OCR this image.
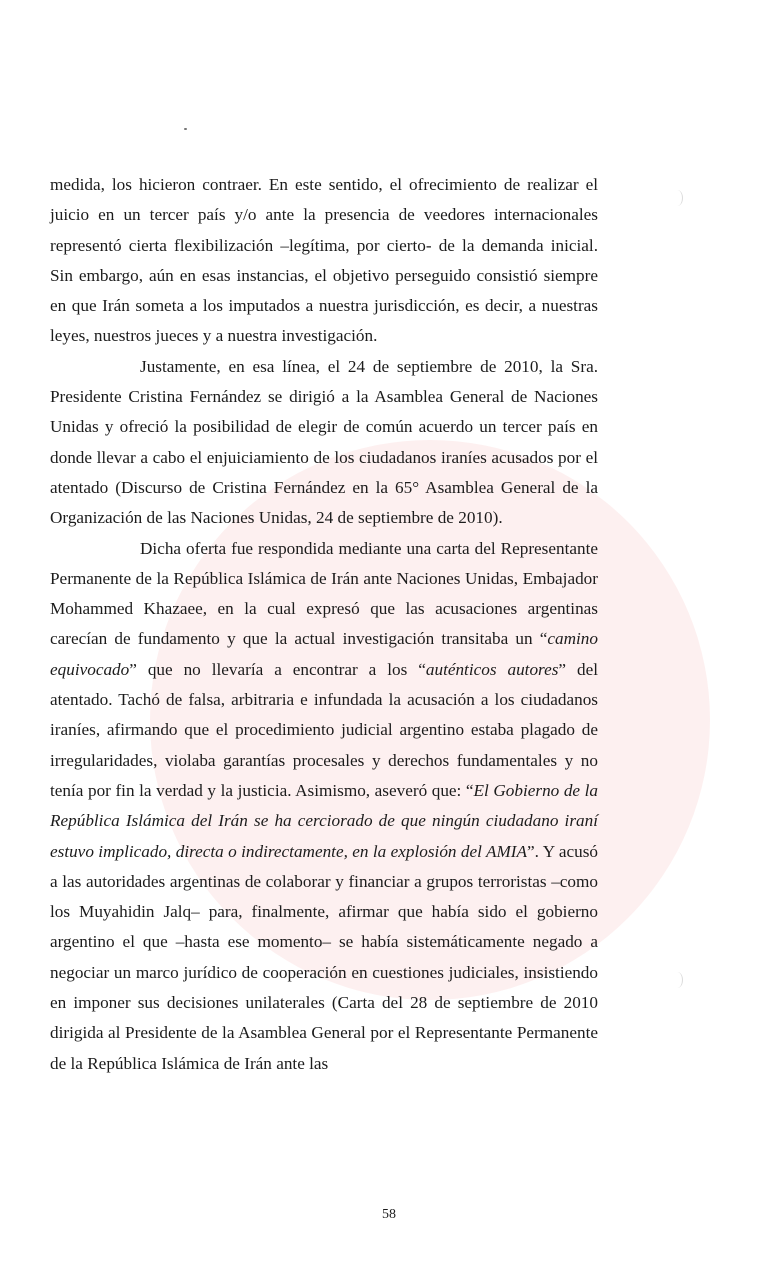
medida, los hicieron contraer. En este sentido, el ofrecimiento de realizar el juicio en un tercer país y/o ante la presencia de veedores internacionales representó cierta flexibilización –legítima, por cierto- de la demanda inicial. Sin embargo, aún en esas instancias, el objetivo perseguido consistió siempre en que Irán someta a los imputados a nuestra jurisdicción, es decir, a nuestras leyes, nuestros jueces y a nuestra investigación.

Justamente, en esa línea, el 24 de septiembre de 2010, la Sra. Presidente Cristina Fernández se dirigió a la Asamblea General de Naciones Unidas y ofreció la posibilidad de elegir de común acuerdo un tercer país en donde llevar a cabo el enjuiciamiento de los ciudadanos iraníes acusados por el atentado (Discurso de Cristina Fernández en la 65° Asamblea General de la Organización de las Naciones Unidas, 24 de septiembre de 2010).

Dicha oferta fue respondida mediante una carta del Representante Permanente de la República Islámica de Irán ante Naciones Unidas, Embajador Mohammed Khazaee, en la cual expresó que las acusaciones argentinas carecían de fundamento y que la actual investigación transitaba un “camino equivocado” que no llevaría a encontrar a los “auténticos autores” del atentado. Tachó de falsa, arbitraria e infundada la acusación a los ciudadanos iraníes, afirmando que el procedimiento judicial argentino estaba plagado de irregularidades, violaba garantías procesales y derechos fundamentales y no tenía por fin la verdad y la justicia. Asimismo, aseveró que: “El Gobierno de la República Islámica del Irán se ha cerciorado de que ningún ciudadano iraní estuvo implicado, directa o indirectamente, en la explosión del AMIA”. Y acusó a las autoridades argentinas de colaborar y financiar a grupos terroristas –como los Muyahidin Jalq– para, finalmente, afirmar que había sido el gobierno argentino el que –hasta ese momento– se había sistemáticamente negado a negociar un marco jurídico de cooperación en cuestiones judiciales, insistiendo en imponer sus decisiones unilaterales (Carta del 28 de septiembre de 2010 dirigida al Presidente de la Asamblea General por el Representante Permanente de la República Islámica de Irán ante las

58
